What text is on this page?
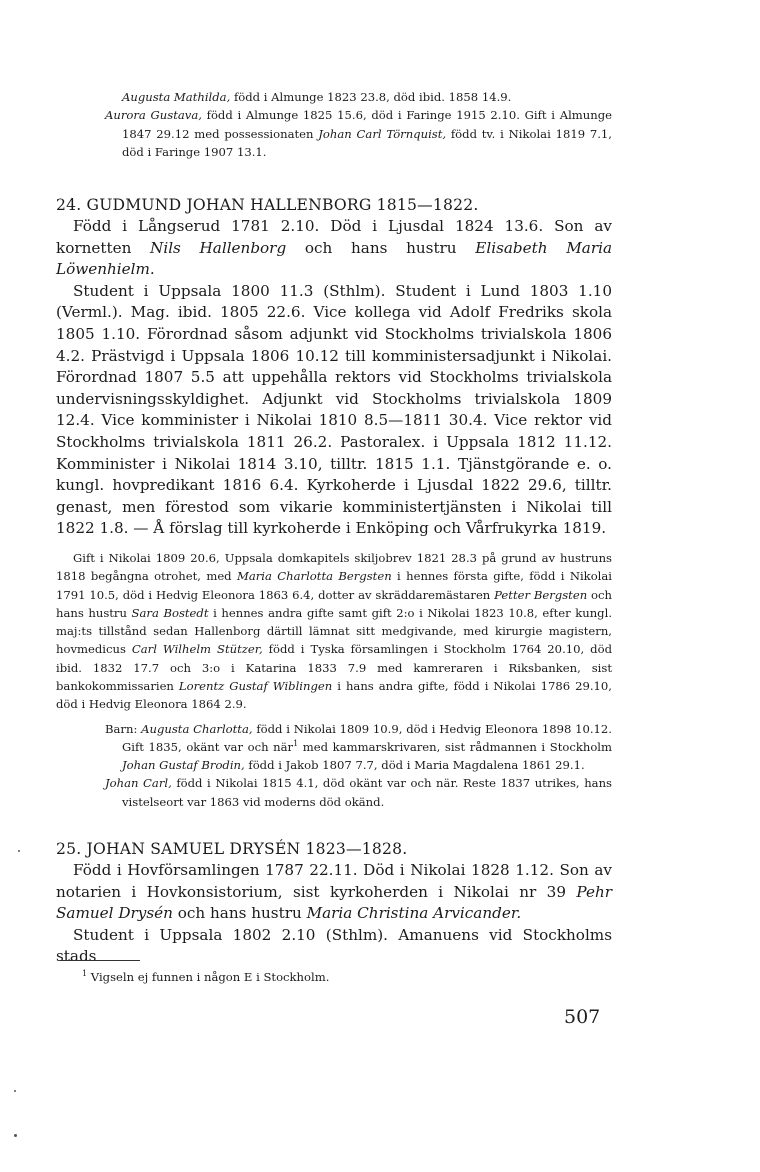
Augusta Mathilda, född i Almunge 1823 23.8, död ibid. 1858 14.9.

Aurora Gustava, född i Almunge 1825 15.6, död i Faringe 1915 2.10. Gift i Almunge 1847 29.12 med possessionaten Johan Carl Törnquist, född tv. i Nikolai 1819 7.1, död i Faringe 1907 13.1.

24. GUDMUND JOHAN HALLENBORG 1815—1822.

Född i Långserud 1781 2.10. Död i Ljusdal 1824 13.6. Son av kornetten Nils Hallenborg och hans hustru Elisabeth Maria Löwenhielm.

Student i Uppsala 1800 11.3 (Sthlm). Student i Lund 1803 1.10 (Verml.). Mag. ibid. 1805 22.6. Vice kollega vid Adolf Fredriks skola 1805 1.10. Förordnad såsom adjunkt vid Stockholms trivialskola 1806 4.2. Prästvigd i Uppsala 1806 10.12 till komministersadjunkt i Nikolai. Förordnad 1807 5.5 att uppehålla rektors vid Stockholms trivialskola undervisningsskyldighet. Adjunkt vid Stockholms trivialskola 1809 12.4. Vice komminister i Nikolai 1810 8.5—1811 30.4. Vice rektor vid Stockholms trivialskola 1811 26.2. Pastoralex. i Uppsala 1812 11.12. Komminister i Nikolai 1814 3.10, tilltr. 1815 1.1. Tjänstgörande e. o. kungl. hovpredikant 1816 6.4. Kyrkoherde i Ljusdal 1822 29.6, tilltr. genast, men förestod som vikarie komministertjänsten i Nikolai till 1822 1.8. — Å förslag till kyrkoherde i Enköping och Vårfrukyrka 1819.

Gift i Nikolai 1809 20.6, Uppsala domkapitels skiljobrev 1821 28.3 på grund av hustruns 1818 begångna otrohet, med Maria Charlotta Bergsten i hennes första gifte, född i Nikolai 1791 10.5, död i Hedvig Eleonora 1863 6.4, dotter av skräddaremästaren Petter Bergsten och hans hustru Sara Bostedt i hennes andra gifte samt gift 2:o i Nikolai 1823 10.8, efter kungl. maj:ts tillstånd sedan Hallenborg därtill lämnat sitt medgivande, med kirurgie magistern, hovmedicus Carl Wilhelm Stützer, född i Tyska församlingen i Stockholm 1764 20.10, död ibid. 1832 17.7 och 3:o i Katarina 1833 7.9 med kamreraren i Riksbanken, sist bankokommissarien Lorentz Gustaf Wiblingen i hans andra gifte, född i Nikolai 1786 29.10, död i Hedvig Eleonora 1864 2.9.

Barn: Augusta Charlotta, född i Nikolai 1809 10.9, död i Hedvig Eleonora 1898 10.12. Gift 1835, okänt var och när$^1$ med kammarskrivaren, sist rådmannen i Stockholm Johan Gustaf Brodin, född i Jakob 1807 7.7, död i Maria Magdalena 1861 29.1.

Johan Carl, född i Nikolai 1815 4.1, död okänt var och när. Reste 1837 utrikes, hans vistelseort var 1863 vid moderns död okänd.

25. JOHAN SAMUEL DRYSÉN 1823—1828.

Född i Hovförsamlingen 1787 22.11. Död i Nikolai 1828 1.12. Son av notarien i Hovkonsistorium, sist kyrkoherden i Nikolai nr 39 Pehr Samuel Drysén och hans hustru Maria Christina Arvicander.

Student i Uppsala 1802 2.10 (Sthlm). Amanuens vid Stockholms stads

$^1$ Vigseln ej funnen i någon E i Stockholm.

507
